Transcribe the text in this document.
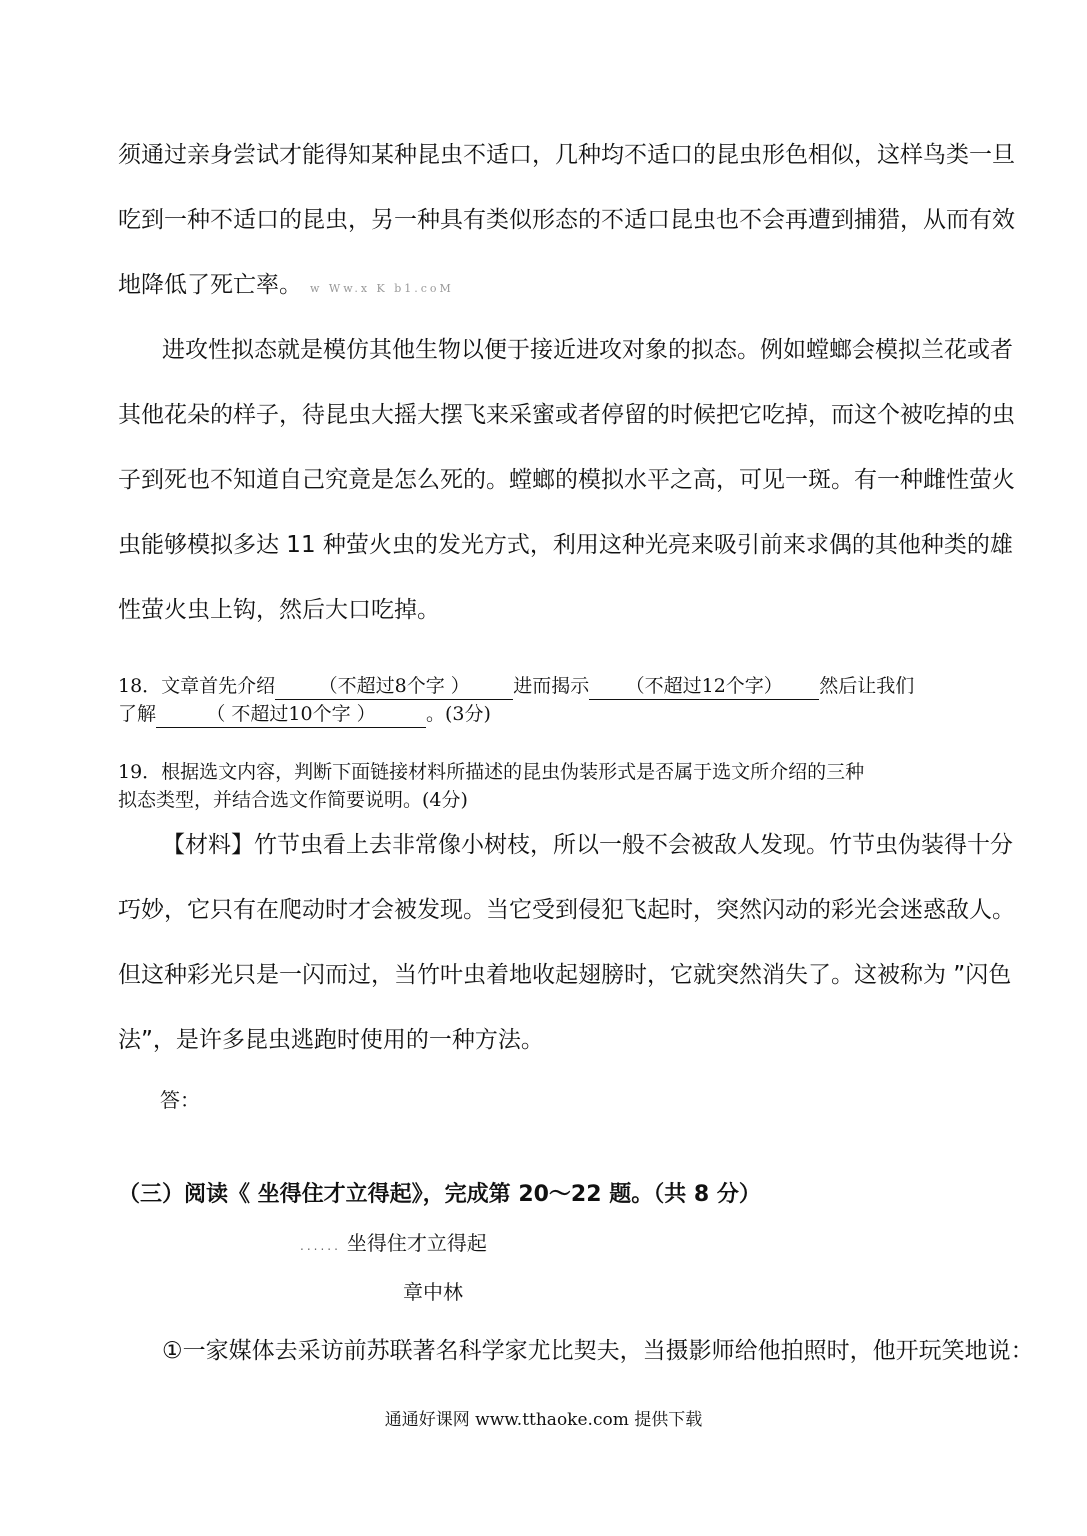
须通过亲身尝试才能得知某种昆虫不适口，几种均不适口的昆虫形色相似，这样鸟类一旦
吃到一种不适口的昆虫，另一种具有类似形态的不适口昆虫也不会再遭到捕猎，从而有效
地降低了死亡率。 w Ww.x K b1.coM
进攻性拟态就是模仿其他生物以便于接近进攻对象的拟态。例如螳螂会模拟兰花或者
其他花朵的样子，待昆虫大摇大摆飞来采蜜或者停留的时候把它吃掉，而这个被吃掉的虫
子到死也不知道自己究竟是怎么死的。螳螂的模拟水平之高，可见一斑。有一种雌性萤火
虫能够模拟多达 11 种萤火虫的发光方式，利用这种光亮来吸引前来求偶的其他种类的雄
性萤火虫上钩，然后大口吃掉。
18．文章首先介绍 （不超过8个字 ） 进而揭示 （不超过12个字） 然后让我们
了解	（ 不超过10个字 ）	。(3分)
19．根据选文内容，判断下面链接材料所描述的昆虫伪装形式是否属于选文所介绍的三种
拟态类型，并结合选文作简要说明。(4分)
【材料】竹节虫看上去非常像小树枝，所以一般不会被敌人发现。竹节虫伪装得十分
巧妙，它只有在爬动时才会被发现。当它受到侵犯飞起时，突然闪动的彩光会迷惑敌人。
但这种彩光只是一闪而过，当竹叶虫着地收起翅膀时，它就突然消失了。这被称为 ”闪色
法”，是许多昆虫逃跑时使用的一种方法。
答：
（三）阅读《 坐得住才立得起》，完成第 20～22 题。（共 8 分）
...... 坐得住才立得起
章中林
①一家媒体去采访前苏联著名科学家尤比契夫，当摄影师给他拍照时，他开玩笑地说：
通通好课网 www.tthaoke.com 提供下载
